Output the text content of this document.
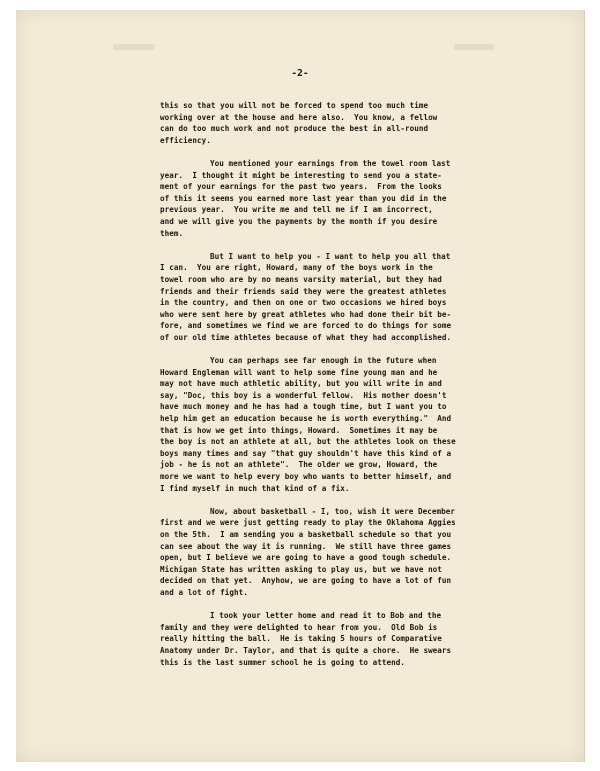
-2-
this so that you will not be forced to spend too much time
working over at the house and here also.  You know, a fellow
can do too much work and not produce the best in all-round
efficiency.
You mentioned your earnings from the towel room last
year.  I thought it might be interesting to send you a state-
ment of your earnings for the past two years.  From the looks
of this it seems you earned more last year than you did in the
previous year.  You write me and tell me if I am incorrect,
and we will give you the payments by the month if you desire
them.
But I want to help you - I want to help you all that
I can.  You are right, Howard, many of the boys work in the
towel room who are by no means varsity material, but they had
friends and their friends said they were the greatest athletes
in the country, and then on one or two occasions we hired boys
who were sent here by great athletes who had done their bit be-
fore, and sometimes we find we are forced to do things for some
of our old time athletes because of what they had accomplished.
You can perhaps see far enough in the future when
Howard Engleman will want to help some fine young man and he
may not have much athletic ability, but you will write in and
say, "Doc, this boy is a wonderful fellow.  His mother doesn't
have much money and he has had a tough time, but I want you to
help him get an education because he is worth everything."  And
that is how we get into things, Howard.  Sometimes it may be
the boy is not an athlete at all, but the athletes look on these
boys many times and say "that guy shouldn't have this kind of a
job - he is not an athlete".  The older we grow, Howard, the
more we want to help every boy who wants to better himself, and
I find myself in much that kind of a fix.
Now, about basketball - I, too, wish it were December
first and we were just getting ready to play the Oklahoma Aggies
on the 5th.  I am sending you a basketball schedule so that you
can see about the way it is running.  We still have three games
open, but I believe we are going to have a good tough schedule.
Michigan State has written asking to play us, but we have not
decided on that yet.  Anyhow, we are going to have a lot of fun
and a lot of fight.
I took your letter home and read it to Bob and the
family and they were delighted to hear from you.  Old Bob is
really hitting the ball.  He is taking 5 hours of Comparative
Anatomy under Dr. Taylor, and that is quite a chore.  He swears
this is the last summer school he is going to attend.
